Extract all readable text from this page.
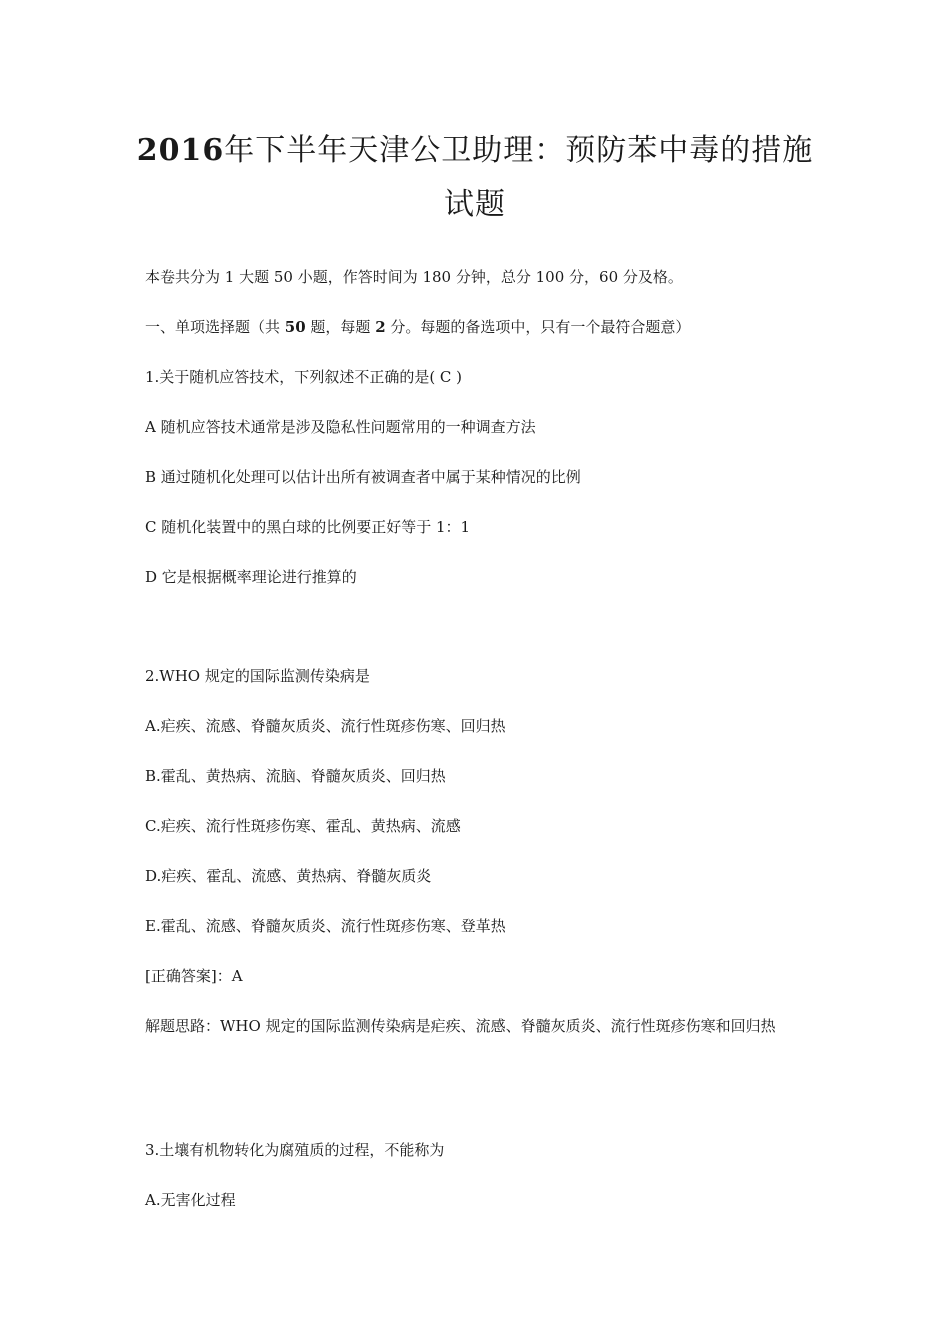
2016年下半年天津公卫助理：预防苯中毒的措施试题
本卷共分为 1 大题 50 小题，作答时间为 180 分钟，总分 100 分，60 分及格。
一、单项选择题（共 50 题，每题 2 分。每题的备选项中，只有一个最符合题意）
1.关于随机应答技术，下列叙述不正确的是( C )
A 随机应答技术通常是涉及隐私性问题常用的一种调查方法
B 通过随机化处理可以估计出所有被调查者中属于某种情况的比例
C 随机化装置中的黑白球的比例要正好等于 1：1
D 它是根据概率理论进行推算的
2.WHO 规定的国际监测传染病是
A.疟疾、流感、脊髓灰质炎、流行性斑疹伤寒、回归热
B.霍乱、黄热病、流脑、脊髓灰质炎、回归热
C.疟疾、流行性斑疹伤寒、霍乱、黄热病、流感
D.疟疾、霍乱、流感、黄热病、脊髓灰质炎
E.霍乱、流感、脊髓灰质炎、流行性斑疹伤寒、登革热
[正确答案]：A
解题思路：WHO 规定的国际监测传染病是疟疾、流感、脊髓灰质炎、流行性斑疹伤寒和回归热
3.土壤有机物转化为腐殖质的过程，不能称为
A.无害化过程
